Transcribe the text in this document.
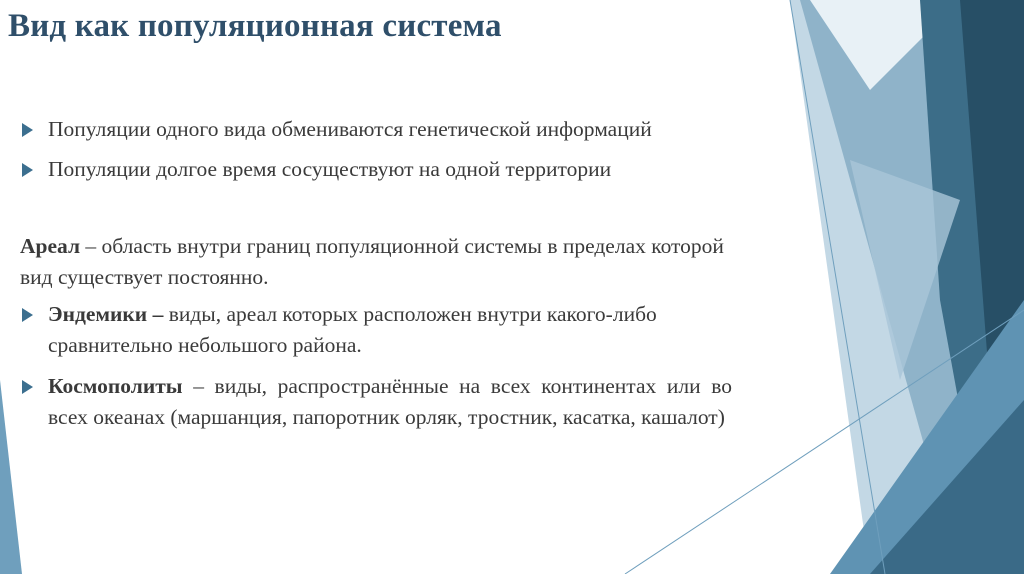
Вид как популяционная система

Популяции одного вида обмениваются генетической информаций

Популяции долгое время сосуществуют на одной территории

Ареал – область внутри границ популяционной системы в пределах которой вид существует постоянно.

Эндемики – виды, ареал которых расположен внутри какого-либо сравнительно небольшого района.

Космополиты – виды, распространённые на всех континентах или во всех океанах (маршанция, папоротник орляк, тростник, касатка, кашалот)
